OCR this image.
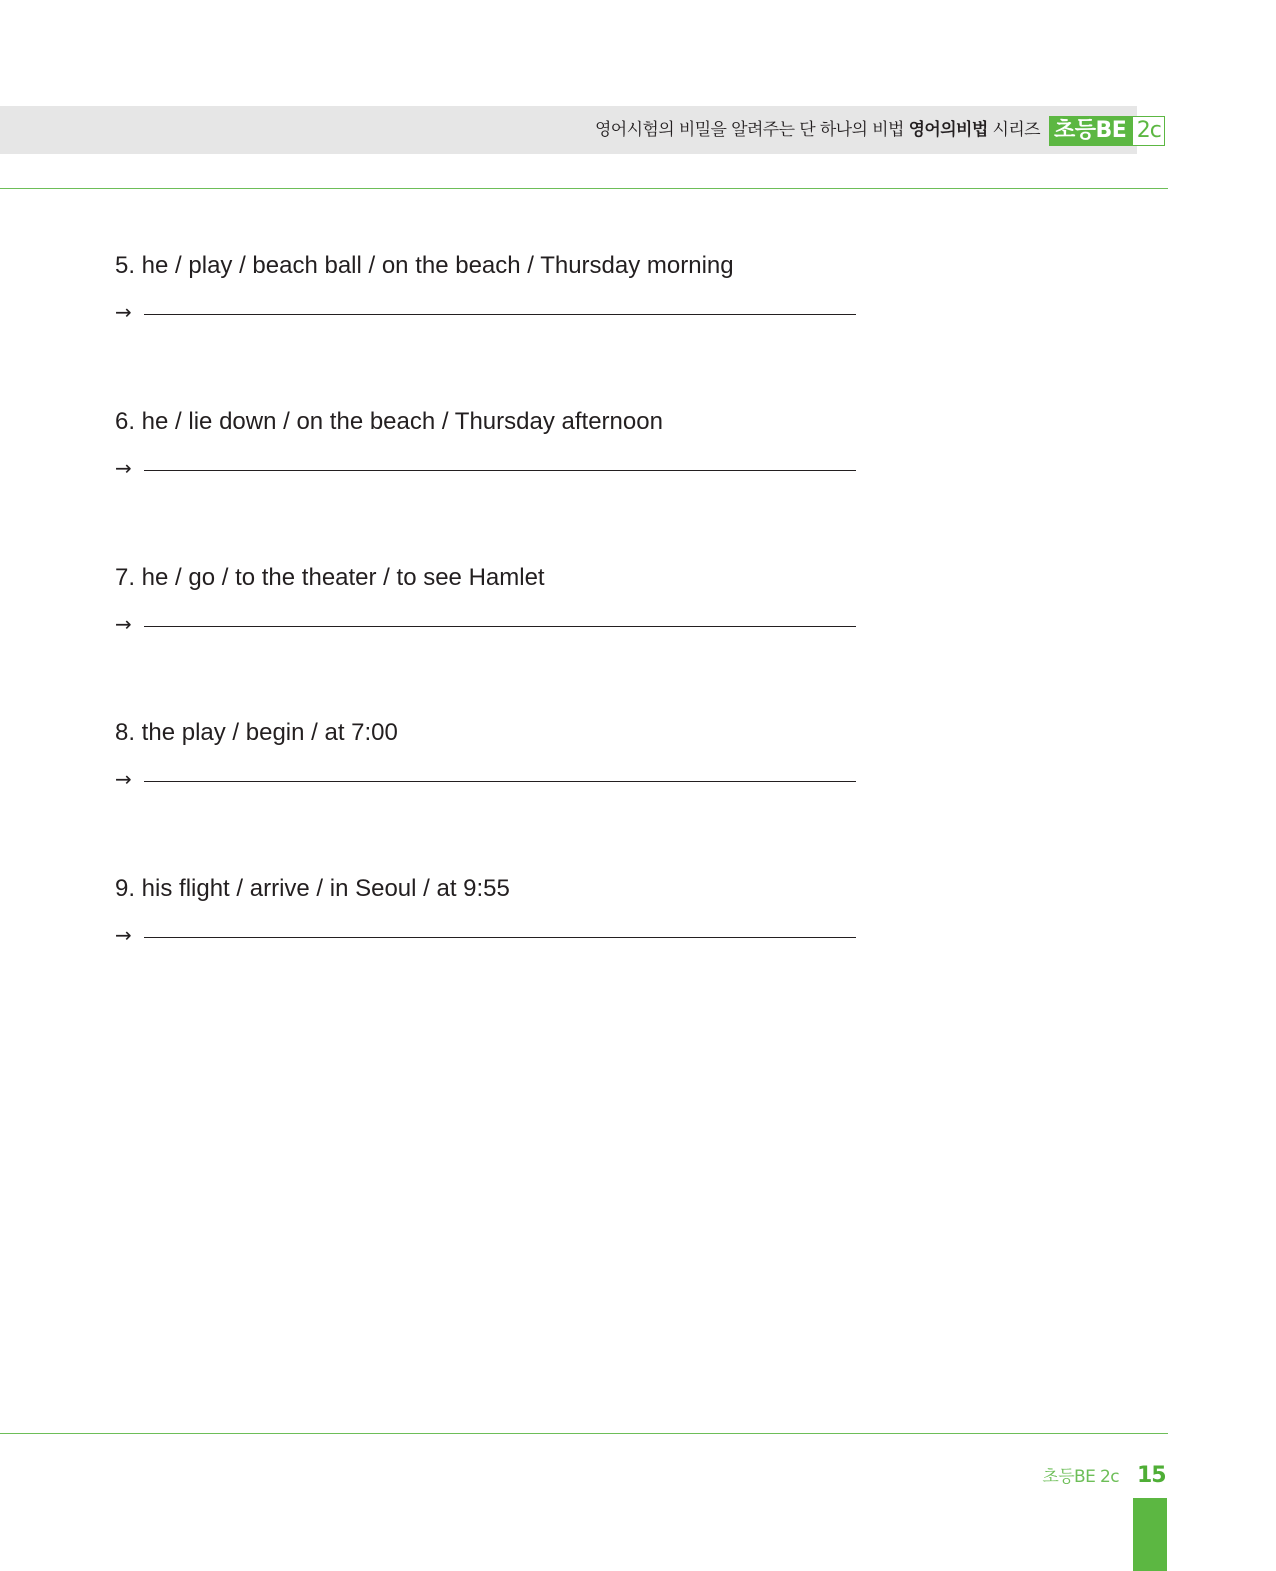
영어시험의 비밀을 알려주는 단 하나의 비법 영어의비법 시리즈 초등BE 2c
5. he / play / beach ball / on the beach / Thursday morning
→
6. he / lie down / on the beach / Thursday afternoon
→
7. he / go / to the theater / to see Hamlet
→
8. the play / begin / at 7:00
→
9. his flight / arrive / in Seoul / at 9:55
→
초등BE 2c 15
